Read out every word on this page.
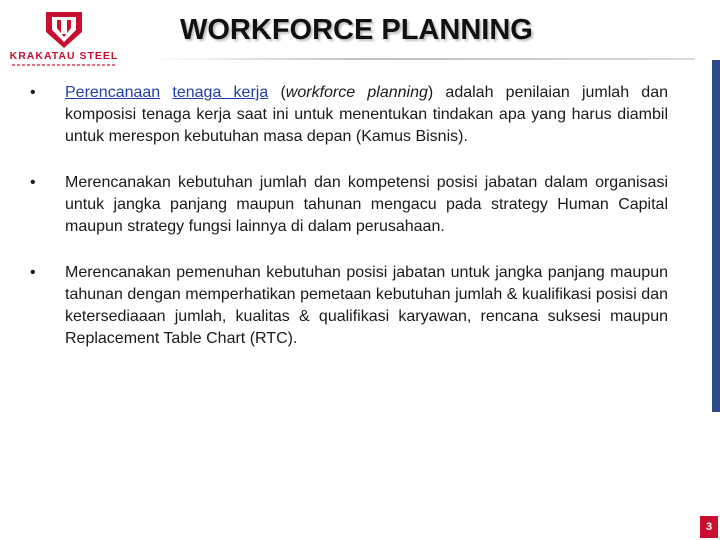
KRAKATAU STEEL
WORKFORCE PLANNING
• Perencanaan tenaga kerja (workforce planning) adalah penilaian jumlah dan komposisi tenaga kerja saat ini untuk menentukan tindakan apa yang harus diambil untuk merespon kebutuhan masa depan (Kamus Bisnis).
• Merencanakan kebutuhan jumlah dan kompetensi posisi jabatan dalam organisasi untuk jangka panjang maupun tahunan mengacu pada strategy Human Capital maupun strategy fungsi lainnya di dalam perusahaan.
• Merencanakan pemenuhan kebutuhan posisi jabatan untuk jangka panjang maupun tahunan dengan memperhatikan pemetaan kebutuhan jumlah & kualifikasi posisi dan ketersediaaan jumlah, kualitas & qualifikasi karyawan, rencana suksesi maupun Replacement Table Chart (RTC).
3
